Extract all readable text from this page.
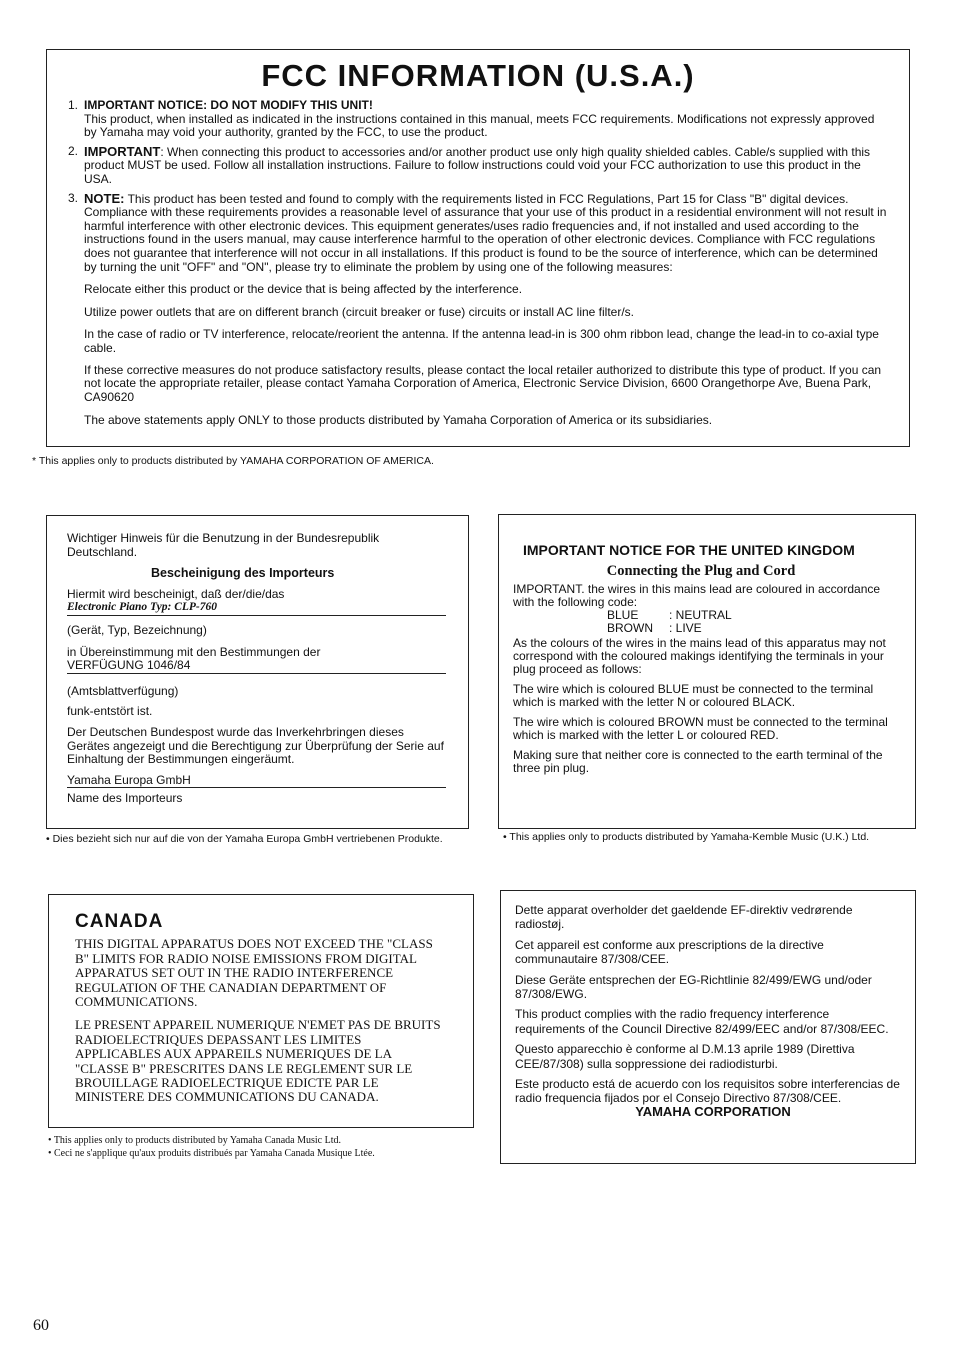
FCC INFORMATION (U.S.A.)
1. IMPORTANT NOTICE: DO NOT MODIFY THIS UNIT!
This product, when installed as indicated in the instructions contained in this manual, meets FCC requirements. Modifications not expressly approved by Yamaha may void your authority, granted by the FCC, to use the product.
2. IMPORTANT: When connecting this product to accessories and/or another product use only high quality shielded cables. Cable/s supplied with this product MUST be used. Follow all installation instructions. Failure to follow instructions could void your FCC authorization to use this product in the USA.
3. NOTE: This product has been tested and found to comply with the requirements listed in FCC Regulations, Part 15 for Class "B" digital devices. Compliance with these requirements provides a reasonable level of assurance that your use of this product in a residential environment will not result in harmful interference with other electronic devices. This equipment generates/uses radio frequencies and, if not installed and used according to the instructions found in the users manual, may cause interference harmful to the operation of other electronic devices. Compliance with FCC regulations does not guarantee that interference will not occur in all installations. If this product is found to be the source of interference, which can be determined by turning the unit "OFF" and "ON", please try to eliminate the problem by using one of the following measures:

Relocate either this product or the device that is being affected by the interference.

Utilize power outlets that are on different branch (circuit breaker or fuse) circuits or install AC line filter/s.

In the case of radio or TV interference, relocate/reorient the antenna. If the antenna lead-in is 300 ohm ribbon lead, change the lead-in to co-axial type cable.

If these corrective measures do not produce satisfactory results, please contact the local retailer authorized to distribute this type of product. If you can not locate the appropriate retailer, please contact Yamaha Corporation of America, Electronic Service Division, 6600 Orangethorpe Ave, Buena Park, CA90620

The above statements apply ONLY to those products distributed by Yamaha Corporation of America or its subsidiaries.

* This applies only to products distributed by YAMAHA CORPORATION OF AMERICA.

Wichtiger Hinweis für die Benutzung in der Bundesrepublik Deutschland.

Bescheinigung des Importeurs

Hiermit wird bescheinigt, daß der/die/das

Electronic Piano Typ: CLP-760

(Gerät, Typ, Bezeichnung)

in Übereinstimmung mit den Bestimmungen der

VERFÜGUNG 1046/84

(Amtsblattverfügung)

funk-entstört ist.

Der Deutschen Bundespost wurde das Inverkehrbringen dieses Gerätes angezeigt und die Berechtigung zur Überprüfung der Serie auf Einhaltung der Bestimmungen eingeräumt.

Yamaha Europa GmbH

Name des Importeurs

• Dies bezieht sich nur auf die von der Yamaha Europa GmbH vertriebenen Produkte.

IMPORTANT NOTICE FOR THE UNITED KINGDOM

Connecting the Plug and Cord

IMPORTANT. the wires in this mains lead are coloured in accordance with the following code:

BLUE	: NEUTRAL

BROWN : LIVE

As the colours of the wires in the mains lead of this apparatus may not correspond with the coloured makings identifying the terminals in your plug proceed as follows:

The wire which is coloured BLUE must be connected to the terminal which is marked with the letter N or coloured BLACK.

The wire which is coloured BROWN must be connected to the terminal which is marked with the letter L or coloured RED.

Making sure that neither core is connected to the earth terminal of the three pin plug.

• This applies only to products distributed by Yamaha-Kemble Music (U.K.) Ltd.
CANADA

THIS DIGITAL APPARATUS DOES NOT EXCEED THE "CLASS B" LIMITS FOR RADIO NOISE EMISSIONS FROM DIGITAL APPARATUS SET OUT IN THE RADIO INTERFERENCE REGULATION OF THE CANADIAN DEPARTMENT OF COMMUNICATIONS.

LE PRESENT APPAREIL NUMERIQUE N'EMET PAS DE BRUITS RADIOELECTRIQUES DEPASSANT LES LIMITES APPLICABLES AUX APPAREILS NUMERIQUES DE LA "CLASSE B" PRESCRITES DANS LE REGLEMENT SUR LE BROUILLAGE RADIOELECTRIQUE EDICTE PAR LE MINISTERE DES COMMUNICATIONS DU CANADA.

• This applies only to products distributed by Yamaha Canada Music Ltd.
• Ceci ne s'applique qu'aux produits distribués par Yamaha Canada Musique Ltée.

Dette apparat overholder det gaeldende EF-direktiv vedrørende radiostøj.

Cet appareil est conforme aux prescriptions de la directive communautaire 87/308/CEE.

Diese Geräte entsprechen der EG-Richtlinie 82/499/EWG und/oder 87/308/EWG.

This product complies with the radio frequency interference requirements of the Council Directive 82/499/EEC and/or 87/308/EEC.

Questo apparecchio è conforme al D.M.13 aprile 1989 (Direttiva CEE/87/308) sulla soppressione dei radiodisturbi.

Este producto está de acuerdo con los requisitos sobre interferencias de radio frequencia fijados por el Consejo Directivo 87/308/CEE.

YAMAHA CORPORATION

60
